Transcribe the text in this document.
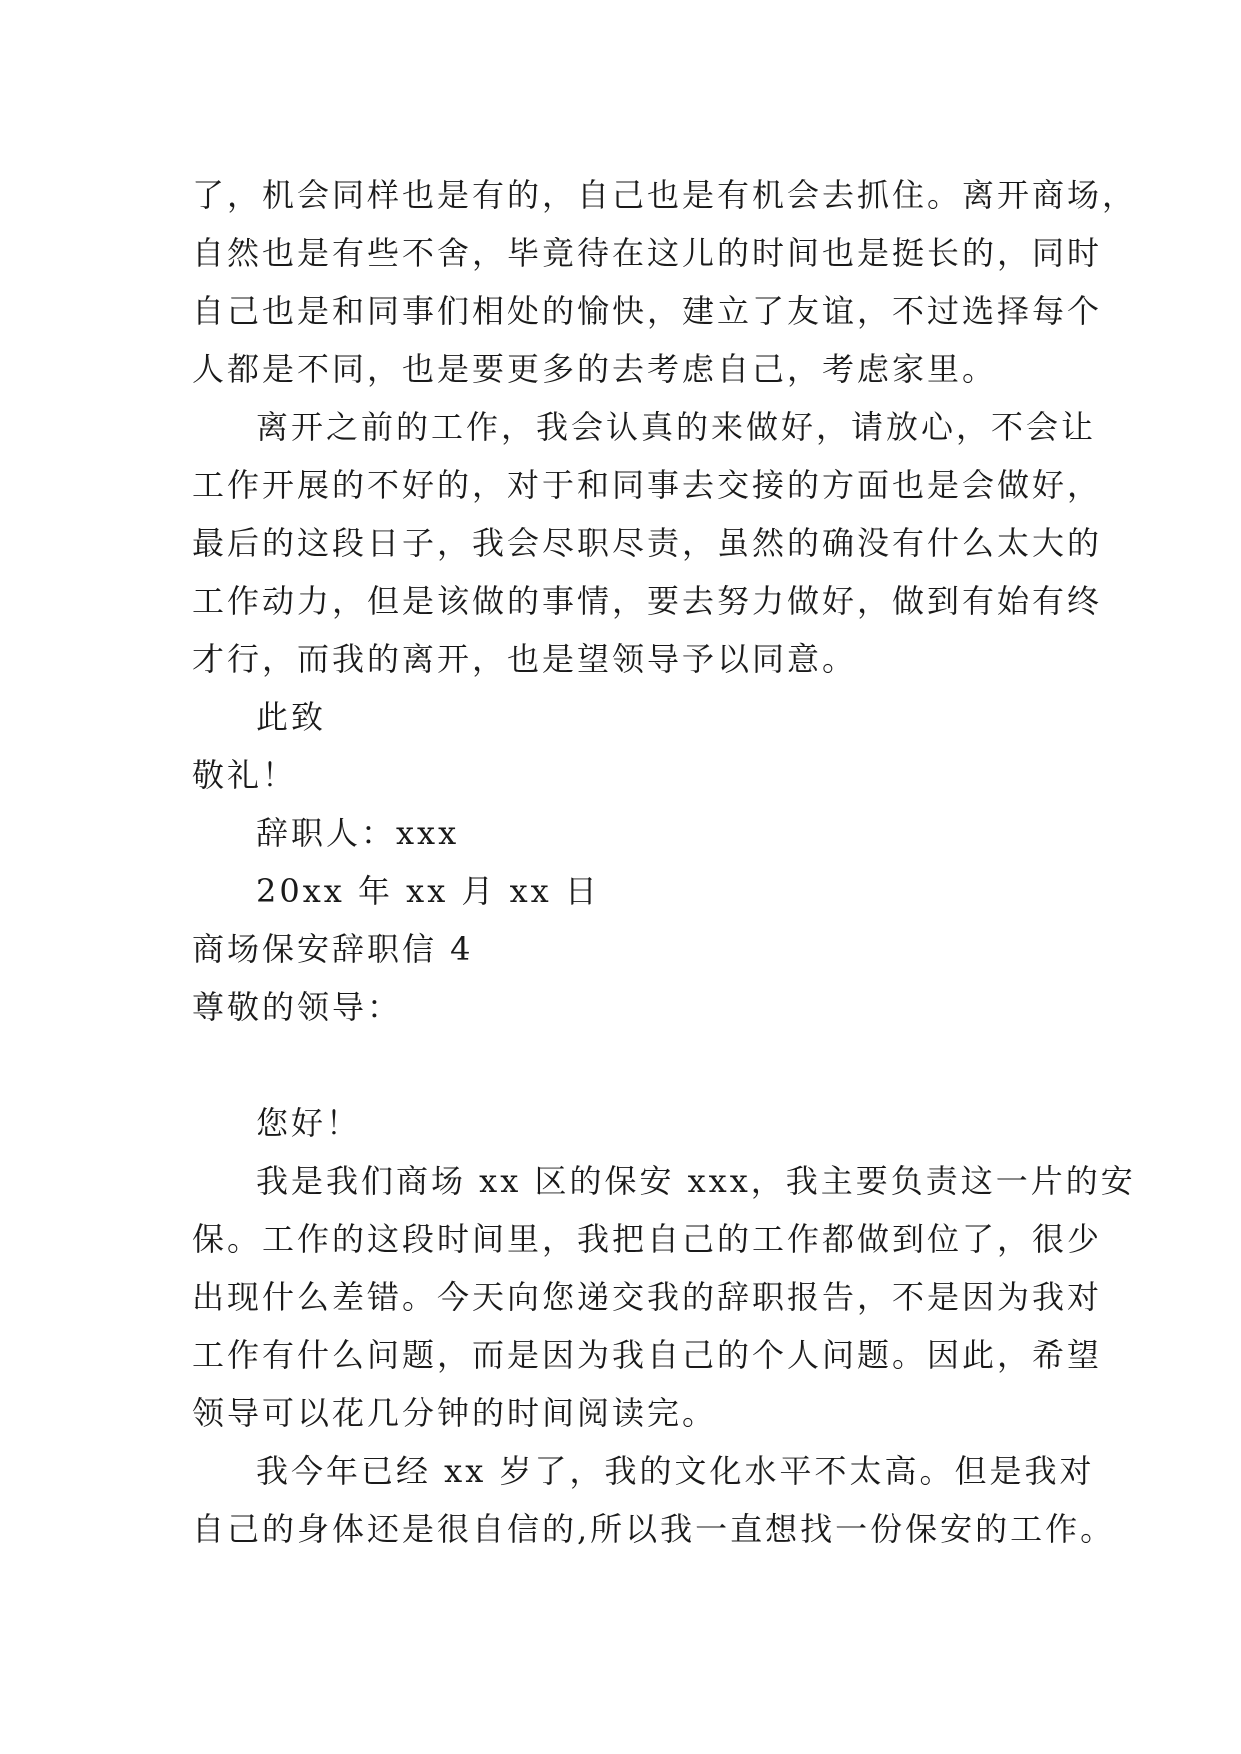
了，机会同样也是有的，自己也是有机会去抓住。离开商场，
自然也是有些不舍，毕竟待在这儿的时间也是挺长的，同时
自己也是和同事们相处的愉快，建立了友谊，不过选择每个
人都是不同，也是要更多的去考虑自己，考虑家里。
离开之前的工作，我会认真的来做好，请放心，不会让
工作开展的不好的，对于和同事去交接的方面也是会做好，
最后的这段日子，我会尽职尽责，虽然的确没有什么太大的
工作动力，但是该做的事情，要去努力做好，做到有始有终
才行，而我的离开，也是望领导予以同意。
此致
敬礼！
辞职人：xxx
20xx 年 xx 月 xx 日
商场保安辞职信 4
尊敬的领导：
您好！
我是我们商场 xx 区的保安 xxx，我主要负责这一片的安
保。工作的这段时间里，我把自己的工作都做到位了，很少
出现什么差错。今天向您递交我的辞职报告，不是因为我对
工作有什么问题，而是因为我自己的个人问题。因此，希望
领导可以花几分钟的时间阅读完。
我今年已经 xx 岁了，我的文化水平不太高。但是我对
自己的身体还是很自信的,所以我一直想找一份保安的工作。
